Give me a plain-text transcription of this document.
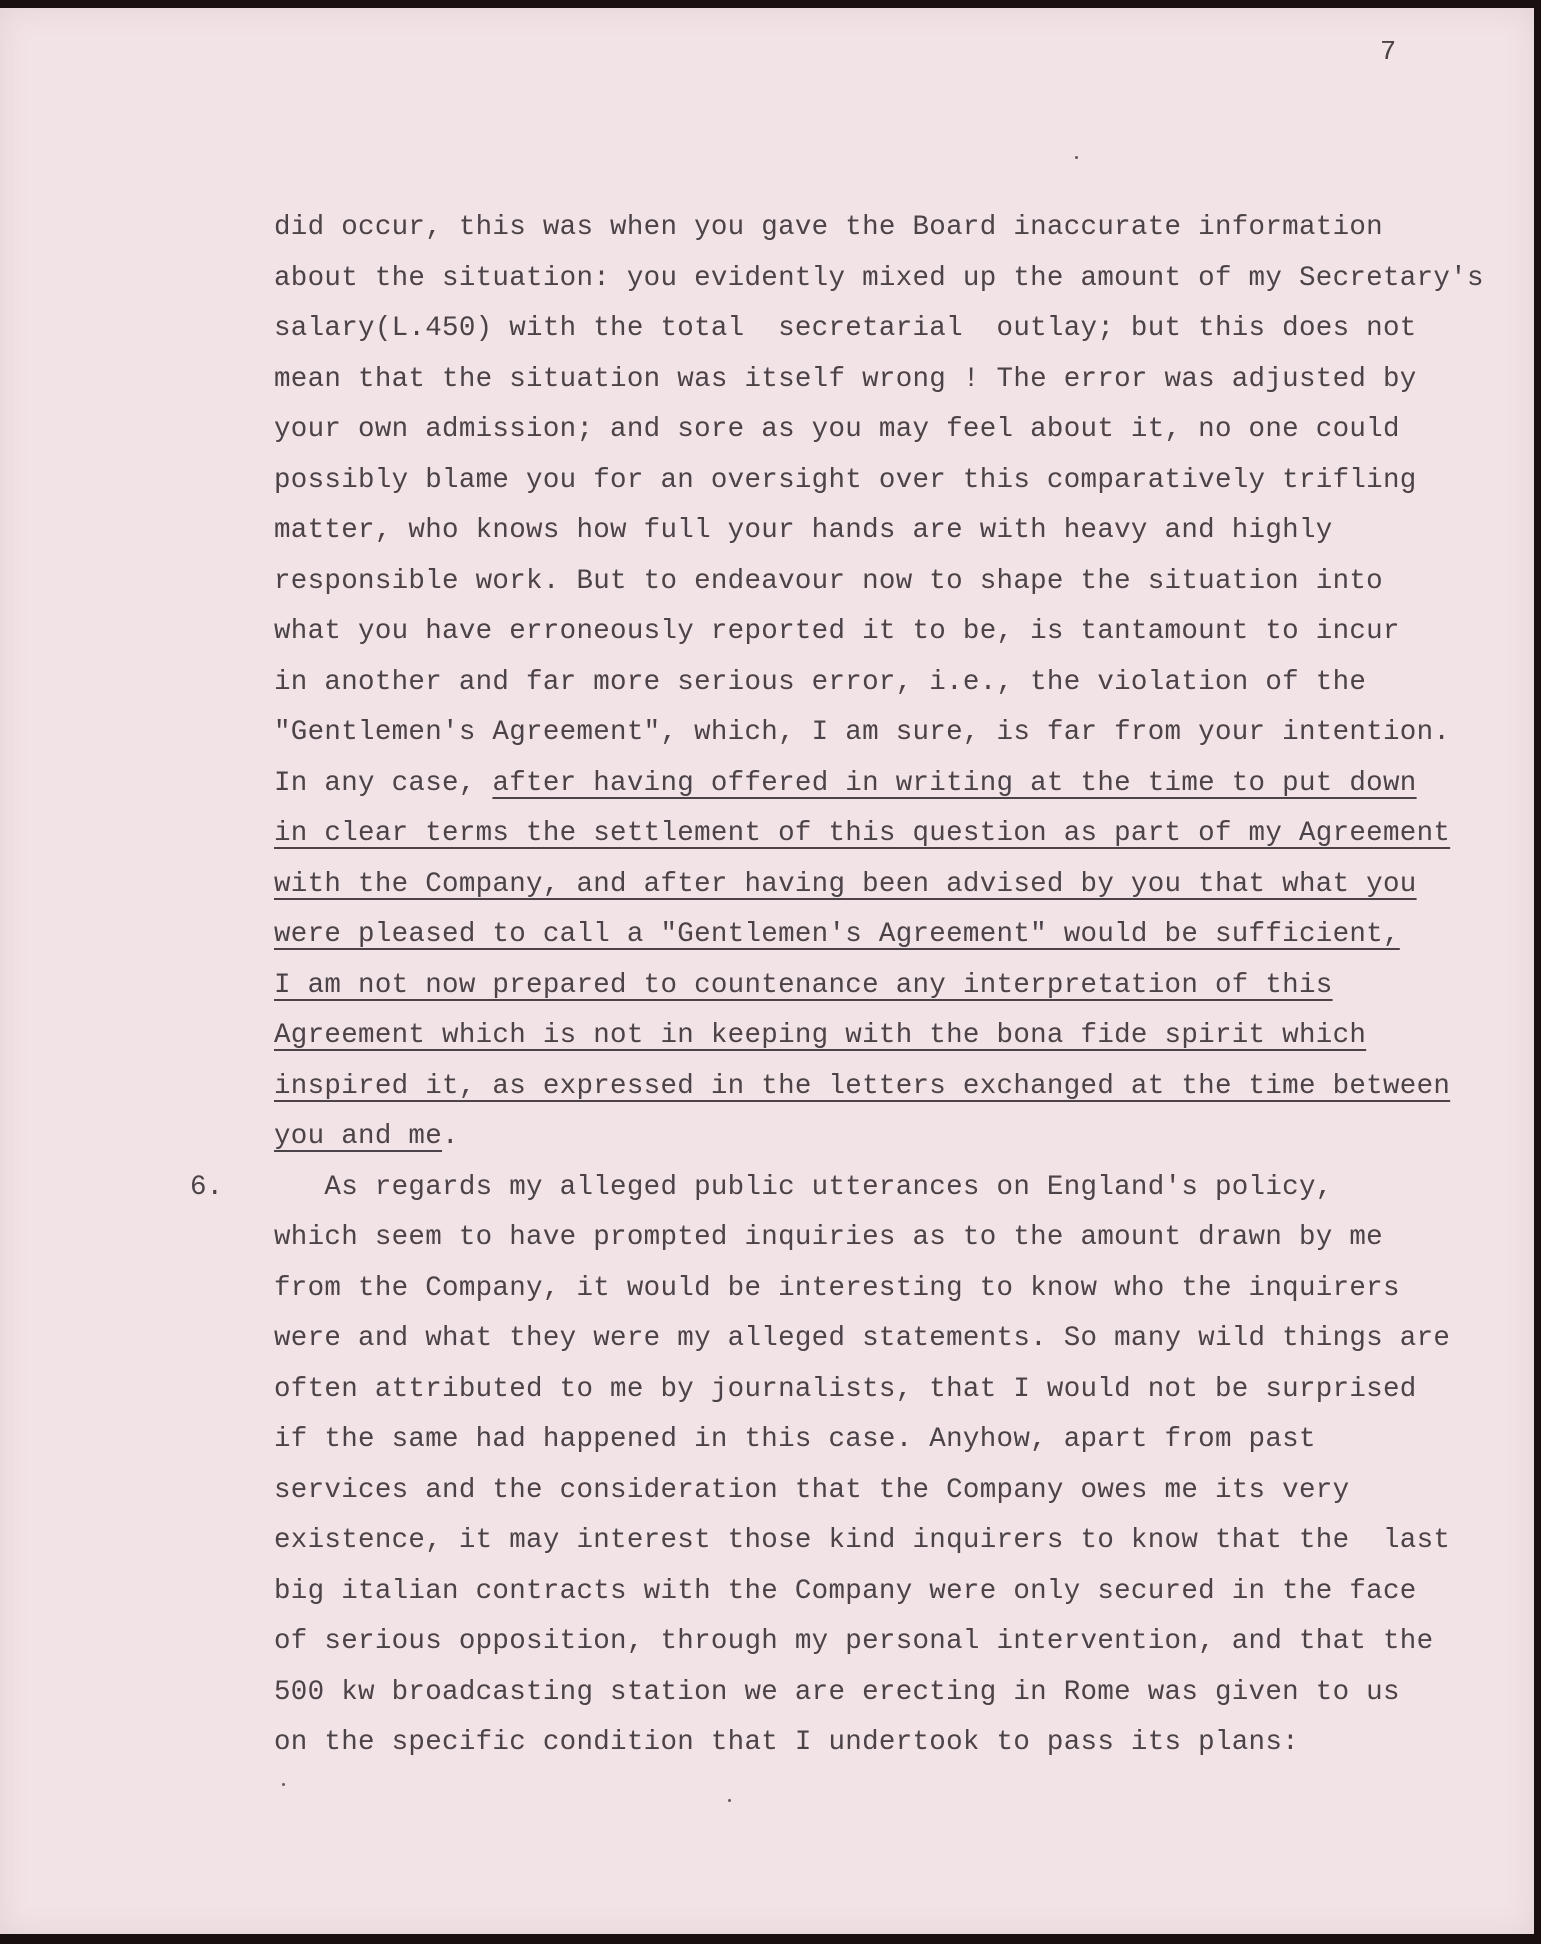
7
6.
did occur, this was when you gave the Board inaccurate information
about the situation: you evidently mixed up the amount of my Secretary's
salary(L.450) with the total  secretarial  outlay; but this does not
mean that the situation was itself wrong ! The error was adjusted by
your own admission; and sore as you may feel about it, no one could
possibly blame you for an oversight over this comparatively trifling
matter, who knows how full your hands are with heavy and highly
responsible work. But to endeavour now to shape the situation into
what you have erroneously reported it to be, is tantamount to incur
in another and far more serious error, i.e., the violation of the
"Gentlemen's Agreement", which, I am sure, is far from your intention.
In any case, after having offered in writing at the time to put down
in clear terms the settlement of this question as part of my Agreement
with the Company, and after having been advised by you that what you
were pleased to call a "Gentlemen's Agreement" would be sufficient,
I am not now prepared to countenance any interpretation of this
Agreement which is not in keeping with the bona fide spirit which
inspired it, as expressed in the letters exchanged at the time between
you and me.
As regards my alleged public utterances on England's policy,
which seem to have prompted inquiries as to the amount drawn by me
from the Company, it would be interesting to know who the inquirers
were and what they were my alleged statements. So many wild things are
often attributed to me by journalists, that I would not be surprised
if the same had happened in this case. Anyhow, apart from past
services and the consideration that the Company owes me its very
existence, it may interest those kind inquirers to know that the  last
big italian contracts with the Company were only secured in the face
of serious opposition, through my personal intervention, and that the
500 kw broadcasting station we are erecting in Rome was given to us
on the specific condition that I undertook to pass its plans:
